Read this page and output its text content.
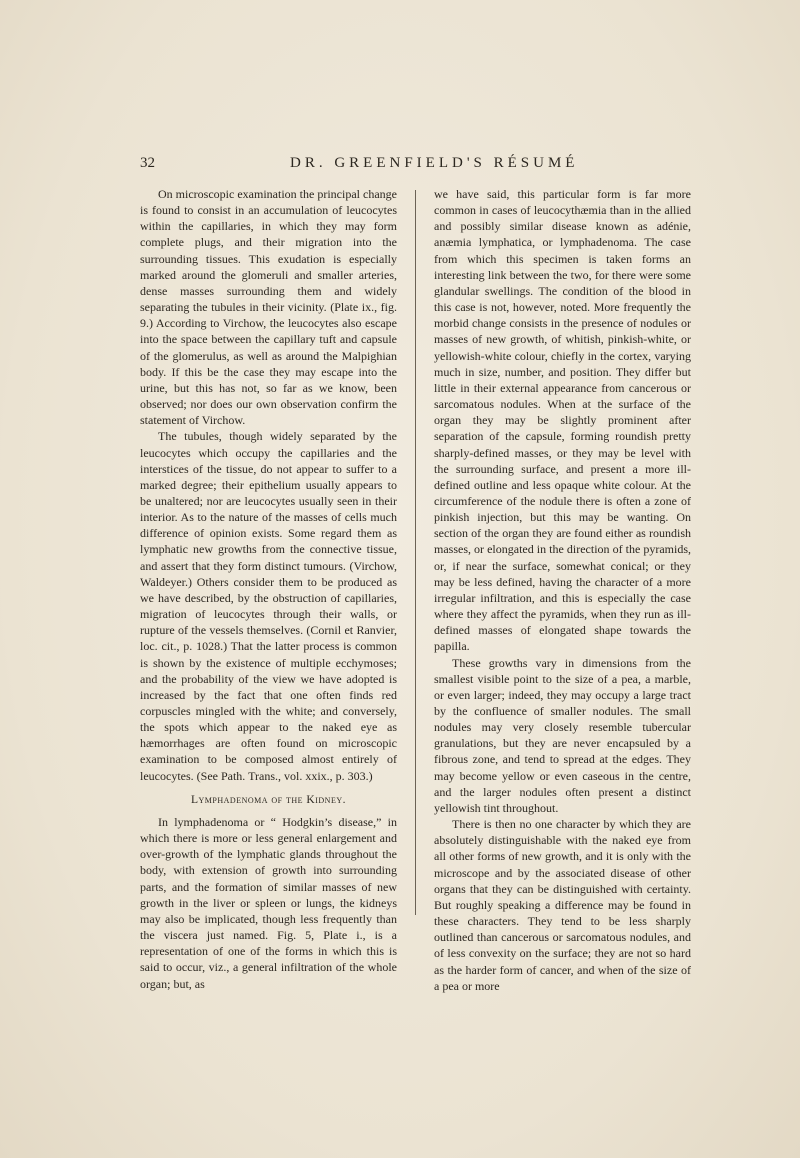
32	DR. GREENFIELD'S RÉSUMÉ

On microscopic examination the principal change is found to consist in an accumulation of leucocytes within the capillaries, in which they may form complete plugs, and their migration into the surrounding tissues. This exudation is especially marked around the glomeruli and smaller arteries, dense masses surrounding them and widely separating the tubules in their vicinity. (Plate ix., fig. 9.) According to Virchow, the leucocytes also escape into the space between the capillary tuft and capsule of the glomerulus, as well as around the Malpighian body. If this be the case they may escape into the urine, but this has not, so far as we know, been observed; nor does our own observation confirm the statement of Virchow.

The tubules, though widely separated by the leucocytes which occupy the capillaries and the interstices of the tissue, do not appear to suffer to a marked degree; their epithelium usually appears to be unaltered; nor are leucocytes usually seen in their interior. As to the nature of the masses of cells much difference of opinion exists. Some regard them as lymphatic new growths from the connective tissue, and assert that they form distinct tumours. (Virchow, Waldeyer.) Others consider them to be produced as we have described, by the obstruction of capillaries, migration of leucocytes through their walls, or rupture of the vessels themselves. (Cornil et Ranvier, loc. cit., p. 1028.) That the latter process is common is shown by the existence of multiple ecchymoses; and the probability of the view we have adopted is increased by the fact that one often finds red corpuscles mingled with the white; and conversely, the spots which appear to the naked eye as hæmorrhages are often found on microscopic examination to be composed almost entirely of leucocytes. (See Path. Trans., vol. xxix., p. 303.)

Lymphadenoma of the Kidney.

In lymphadenoma or “ Hodgkin’s disease,” in which there is more or less general enlargement and over-growth of the lymphatic glands throughout the body, with extension of growth into surrounding parts, and the formation of similar masses of new growth in the liver or spleen or lungs, the kidneys may also be implicated, though less frequently than the viscera just named. Fig. 5, Plate i., is a representation of one of the forms in which this is said to occur, viz., a general infiltration of the whole organ; but, as

we have said, this particular form is far more common in cases of leucocythæmia than in the allied and possibly similar disease known as adénie, anæmia lymphatica, or lymphadenoma. The case from which this specimen is taken forms an interesting link between the two, for there were some glandular swellings. The condition of the blood in this case is not, however, noted. More frequently the morbid change consists in the presence of nodules or masses of new growth, of whitish, pinkish-white, or yellowish-white colour, chiefly in the cortex, varying much in size, number, and position. They differ but little in their external appearance from cancerous or sarcomatous nodules. When at the surface of the organ they may be slightly prominent after separation of the capsule, forming roundish pretty sharply-defined masses, or they may be level with the surrounding surface, and present a more ill-defined outline and less opaque white colour. At the circumference of the nodule there is often a zone of pinkish injection, but this may be wanting. On section of the organ they are found either as roundish masses, or elongated in the direction of the pyramids, or, if near the surface, somewhat conical; or they may be less defined, having the character of a more irregular infiltration, and this is especially the case where they affect the pyramids, when they run as ill-defined masses of elongated shape towards the papilla.

These growths vary in dimensions from the smallest visible point to the size of a pea, a marble, or even larger; indeed, they may occupy a large tract by the confluence of smaller nodules. The small nodules may very closely resemble tubercular granulations, but they are never encapsuled by a fibrous zone, and tend to spread at the edges. They may become yellow or even caseous in the centre, and the larger nodules often present a distinct yellowish tint throughout.

There is then no one character by which they are absolutely distinguishable with the naked eye from all other forms of new growth, and it is only with the microscope and by the associated disease of other organs that they can be distinguished with certainty. But roughly speaking a difference may be found in these characters. They tend to be less sharply outlined than cancerous or sarcomatous nodules, and of less convexity on the surface; they are not so hard as the harder form of cancer, and when of the size of a pea or more
